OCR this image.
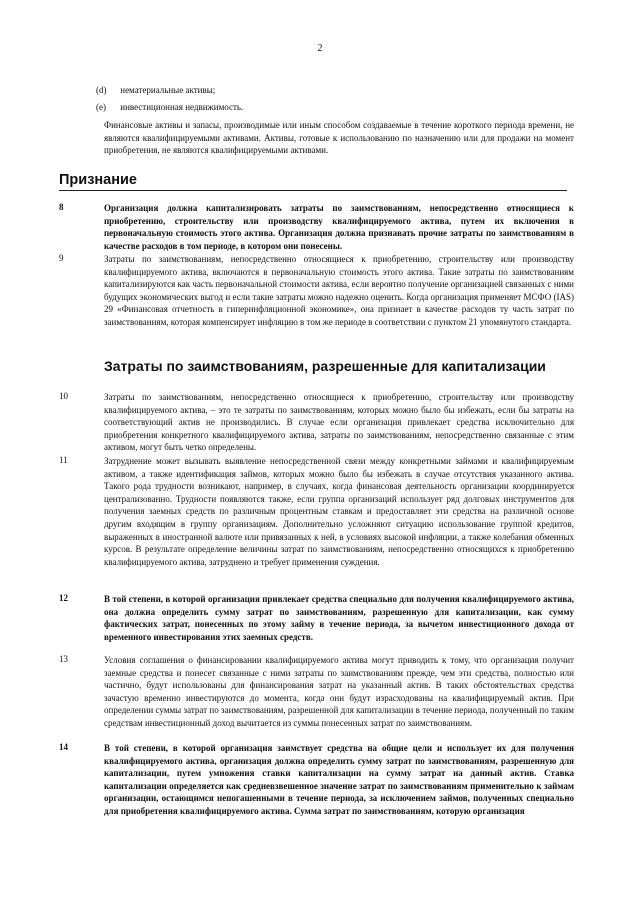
2
(d) нематериальные активы;
(e) инвестиционная недвижимость.
Финансовые активы и запасы, производимые или иным способом создаваемые в течение короткого периода времени, не являются квалифицируемыми активами. Активы, готовые к использованию по назначению или для продажи на момент приобретения, не являются квалифицируемыми активами.
Признание
8	Организация должна капитализировать затраты по заимствованиям, непосредственно относящиеся к приобретению, строительству или производству квалифицируемого актива, путем их включения в первоначальную стоимость этого актива. Организация должна признавать прочие затраты по заимствованиям в качестве расходов в том периоде, в котором они понесены.
9	Затраты по заимствованиям, непосредственно относящиеся к приобретению, строительству или производству квалифицируемого актива, включаются в первоначальную стоимость этого актива. Такие затраты по заимствованиям капитализируются как часть первоначальной стоимости актива, если вероятно получение организацией связанных с ними будущих экономических выгод и если такие затраты можно надежно оценить. Когда организация применяет МСФО (IAS) 29 «Финансовая отчетность в гиперинфляционной экономике», она признает в качестве расходов ту часть затрат по заимствованиям, которая компенсирует инфляцию в том же периоде в соответствии с пунктом 21 упомянутого стандарта.
Затраты по заимствованиям, разрешенные для капитализации
10	Затраты по заимствованиям, непосредственно относящиеся к приобретению, строительству или производству квалифицируемого актива, – это те затраты по заимствованиям, которых можно было бы избежать, если бы затраты на соответствующий актив не производились. В случае если организация привлекает средства исключительно для приобретения конкретного квалифицируемого актива, затраты по заимствованиям, непосредственно связанные с этим активом, могут быть четко определены.
11	Затруднение может вызывать выявление непосредственной связи между конкретными займами и квалифицируемым активом, а также идентификация займов, которых можно было бы избежать в случае отсутствия указанного актива. Такого рода трудности возникают, например, в случаях, когда финансовая деятельность организации координируется централизованно. Трудности появляются также, если группа организаций использует ряд долговых инструментов для получения заемных средств по различным процентным ставкам и предоставляет эти средства на различной основе другим входящим в группу организациям. Дополнительно усложняют ситуацию использование группой кредитов, выраженных в иностранной валюте или привязанных к ней, в условиях высокой инфляции, а также колебания обменных курсов. В результате определение величины затрат по заимствованиям, непосредственно относящихся к приобретению квалифицируемого актива, затруднено и требует применения суждения.
12	В той степени, в которой организация привлекает средства специально для получения квалифицируемого актива, она должна определить сумму затрат по заимствованиям, разрешенную для капитализации, как сумму фактических затрат, понесенных по этому займу в течение периода, за вычетом инвестиционного дохода от временного инвестирования этих заемных средств.
13	Условия соглашения о финансировании квалифицируемого актива могут приводить к тому, что организация получит заемные средства и понесет связанные с ними затраты по заимствованиям прежде, чем эти средства, полностью или частично, будут использованы для финансирования затрат на указанный актив. В таких обстоятельствах средства зачастую временно инвестируются до момента, когда они будут израсходованы на квалифицируемый актив. При определении суммы затрат по заимствованиям, разрешенной для капитализации в течение периода, полученный по таким средствам инвестиционный доход вычитается из суммы понесенных затрат по заимствованиям.
14	В той степени, в которой организация заимствует средства на общие цели и использует их для получения квалифицируемого актива, организация должна определить сумму затрат по заимствованиям, разрешенную для капитализации, путем умножения ставки капитализации на сумму затрат на данный актив. Ставка капитализации определяется как средневзвешенное значение затрат по заимствованиям применительно к займам организации, остающимся непогашенными в течение периода, за исключением займов, полученных специально для приобретения квалифицируемого актива. Сумма затрат по заимствованиям, которую организация
